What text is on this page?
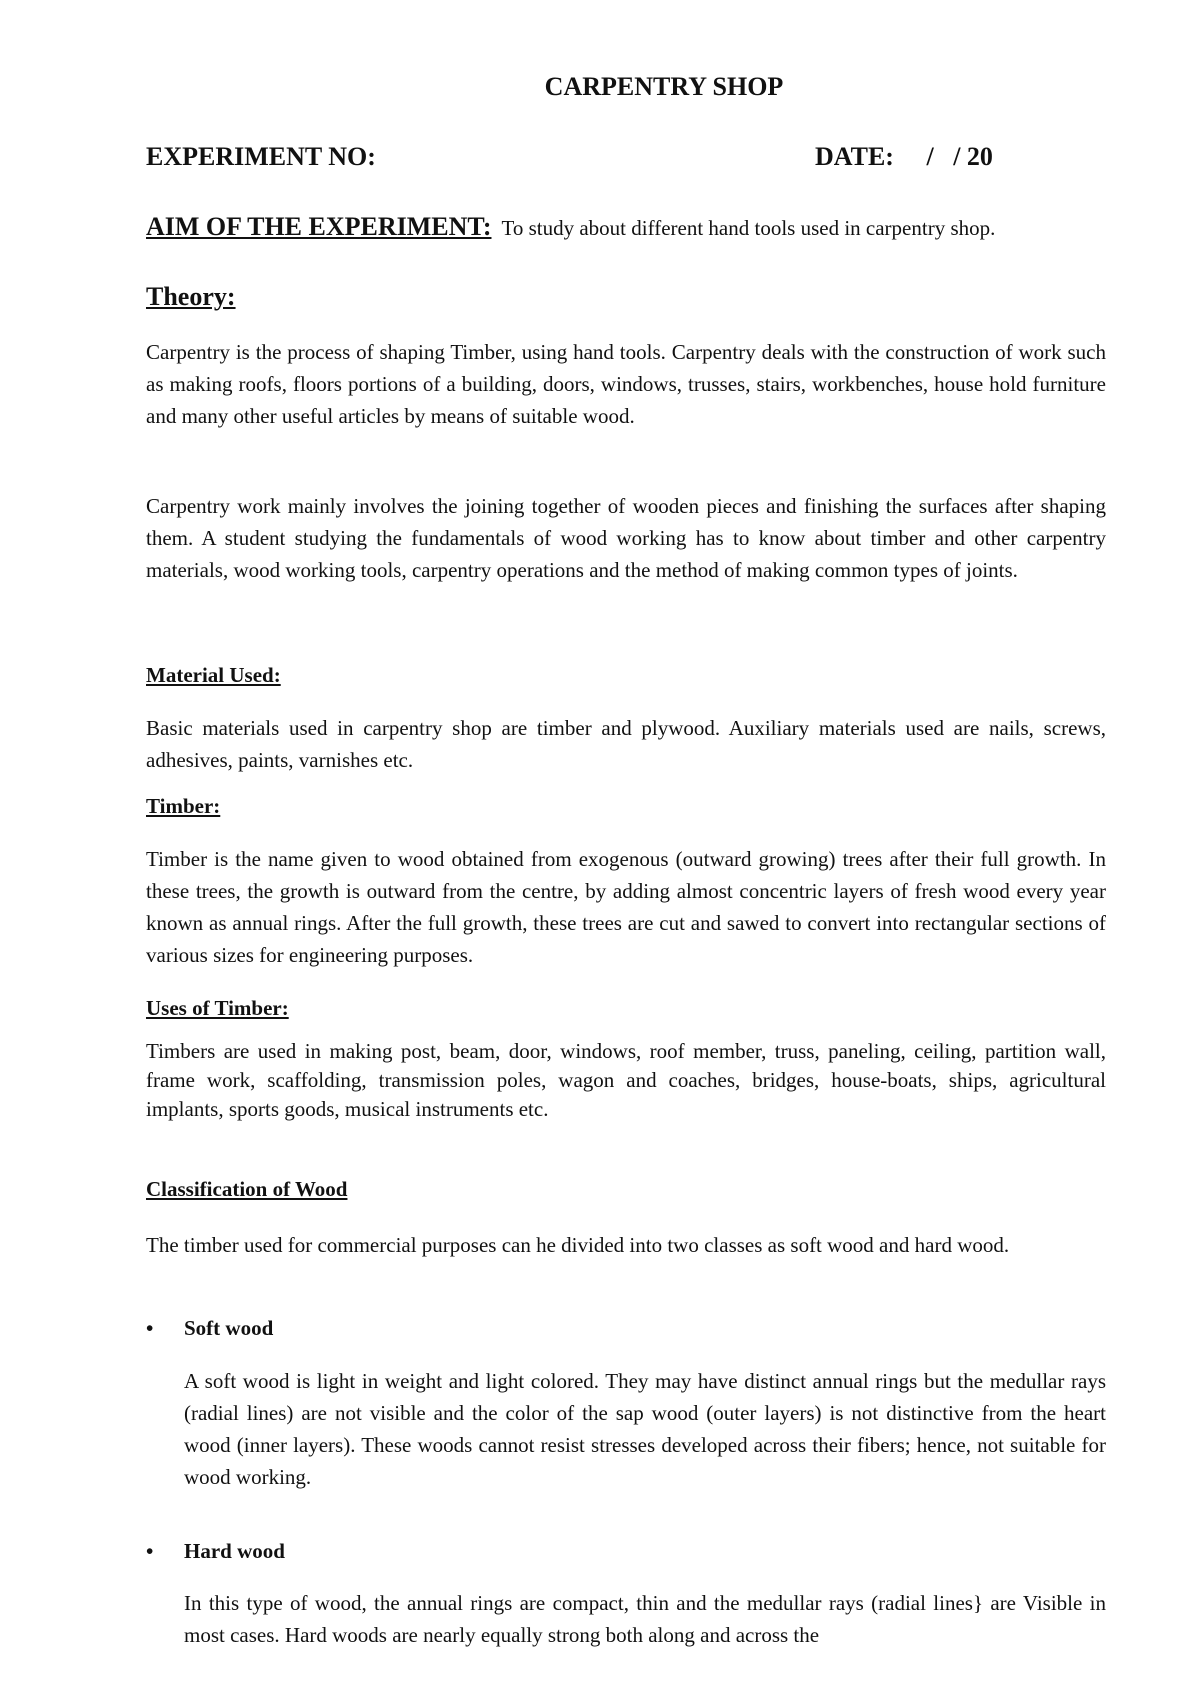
CARPENTRY SHOP
EXPERIMENT NO:	DATE:     /   / 20
AIM OF THE EXPERIMENT: To study about different hand tools used in carpentry shop.
Theory:

Carpentry is the process of shaping Timber, using hand tools. Carpentry deals with the construction of work such as making roofs, floors portions of a building, doors, windows, trusses, stairs, workbenches, house hold furniture and many other useful articles by means of suitable wood.

Carpentry work mainly involves the joining together of wooden pieces and finishing the surfaces after shaping them. A student studying the fundamentals of wood working has to know about timber and other carpentry materials, wood working tools, carpentry operations and the method of making common types of joints.

Material Used:

Basic materials used in carpentry shop are timber and plywood. Auxiliary materials used are nails, screws, adhesives, paints, varnishes etc.

Timber:

Timber is the name given to wood obtained from exogenous (outward growing) trees after their full growth. In these trees, the growth is outward from the centre, by adding almost concentric layers of fresh wood every year known as annual rings. After the full growth, these trees are cut and sawed to convert into rectangular sections of various sizes for engineering purposes.

Uses of Timber:

Timbers are used in making post, beam, door, windows, roof member, truss, paneling, ceiling, partition wall, frame work, scaffolding, transmission poles, wagon and coaches, bridges, house-boats, ships, agricultural implants, sports goods, musical instruments etc.

Classification of Wood

The timber used for commercial purposes can he divided into two classes as soft wood and hard wood.

• Soft wood

A soft wood is light in weight and light colored. They may have distinct annual rings but the medullar rays (radial lines) are not visible and the color of the sap wood (outer layers) is not distinctive from the heart wood (inner layers). These woods cannot resist stresses developed across their fibers; hence, not suitable for wood working.

• Hard wood

In this type of wood, the annual rings are compact, thin and the medullar rays (radial lines} are Visible in most cases. Hard woods are nearly equally strong both along and across the
